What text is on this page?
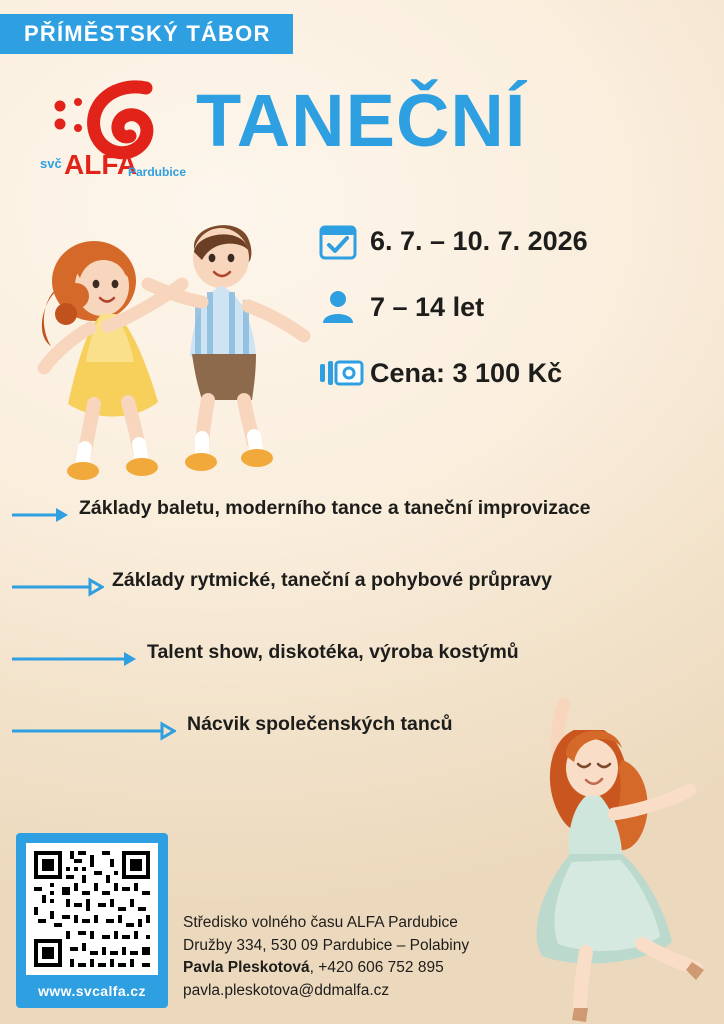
PŘÍMĚSTSKÝ TÁBOR
svč ALFA
Pardubice
TANEČNÍ
6. 7. – 10. 7. 2026
7 – 14 let
Cena: 3 100 Kč
Základy baletu, moderního tance a taneční improvizace
Základy rytmické, taneční a pohybové průpravy
Talent show, diskotéka, výroba kostýmů
Nácvik společenských tanců
www.svcalfa.cz
Středisko volného času ALFA Pardubice
Družby 334, 530 09 Pardubice – Polabiny
Pavla Pleskotová, +420 606 752 895
pavla.pleskotova@ddmalfa.cz
